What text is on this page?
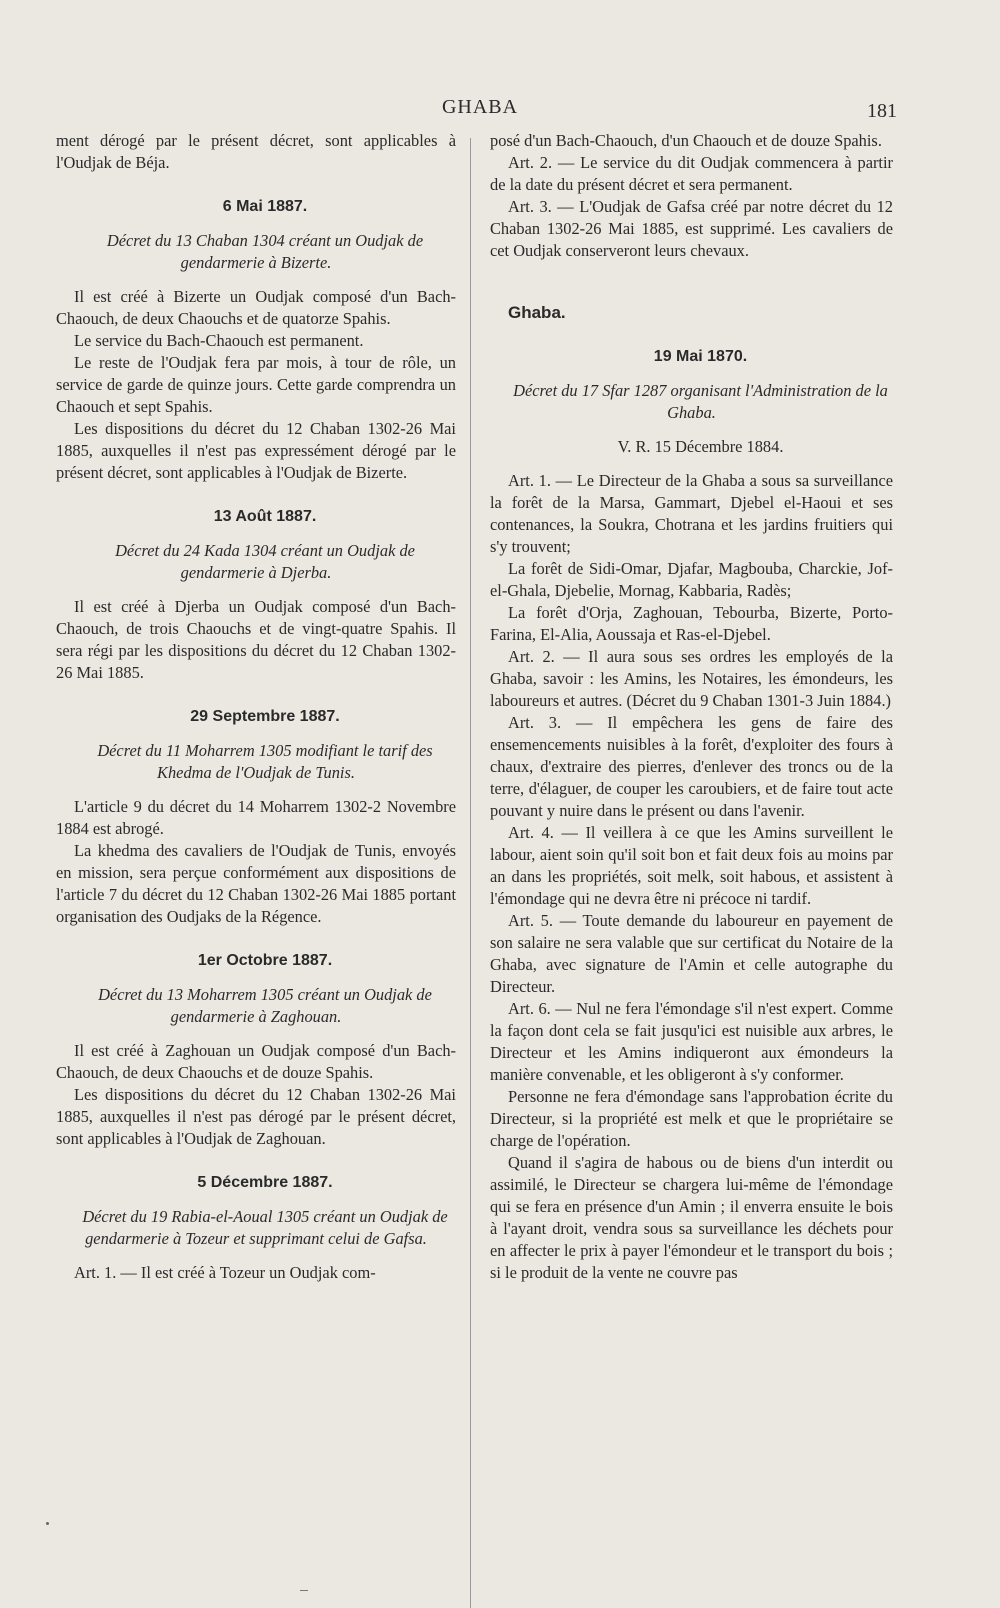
GHABA	181

ment dérogé par le présent décret, sont applicables à l'Oudjak de Béja.

6 Mai 1887.

Décret du 13 Chaban 1304 créant un Oudjak de gendarmerie à Bizerte.

Il est créé à Bizerte un Oudjak composé d'un Bach-Chaouch, de deux Chaouchs et de quatorze Spahis.

Le service du Bach-Chaouch est permanent.

Le reste de l'Oudjak fera par mois, à tour de rôle, un service de garde de quinze jours. Cette garde comprendra un Chaouch et sept Spahis.

Les dispositions du décret du 12 Chaban 1302-26 Mai 1885, auxquelles il n'est pas expressément dérogé par le présent décret, sont applicables à l'Oudjak de Bizerte.

13 Août 1887.

Décret du 24 Kada 1304 créant un Oudjak de gendarmerie à Djerba.

Il est créé à Djerba un Oudjak composé d'un Bach-Chaouch, de trois Chaouchs et de vingt-quatre Spahis. Il sera régi par les dispositions du décret du 12 Chaban 1302-26 Mai 1885.

29 Septembre 1887.

Décret du 11 Moharrem 1305 modifiant le tarif des Khedma de l'Oudjak de Tunis.

L'article 9 du décret du 14 Moharrem 1302-2 Novembre 1884 est abrogé.

La khedma des cavaliers de l'Oudjak de Tunis, envoyés en mission, sera perçue conformément aux dispositions de l'article 7 du décret du 12 Chaban 1302-26 Mai 1885 portant organisation des Oudjaks de la Régence.

1er Octobre 1887.

Décret du 13 Moharrem 1305 créant un Oudjak de gendarmerie à Zaghouan.

Il est créé à Zaghouan un Oudjak composé d'un Bach-Chaouch, de deux Chaouchs et de douze Spahis.

Les dispositions du décret du 12 Chaban 1302-26 Mai 1885, auxquelles il n'est pas dérogé par le présent décret, sont applicables à l'Oudjak de Zaghouan.

5 Décembre 1887.

Décret du 19 Rabia-el-Aoual 1305 créant un Oudjak de gendarmerie à Tozeur et supprimant celui de Gafsa.

Art. 1. — Il est créé à Tozeur un Oudjak com-

posé d'un Bach-Chaouch, d'un Chaouch et de douze Spahis.

Art. 2. — Le service du dit Oudjak commencera à partir de la date du présent décret et sera permanent.

Art. 3. — L'Oudjak de Gafsa créé par notre décret du 12 Chaban 1302-26 Mai 1885, est supprimé. Les cavaliers de cet Oudjak conserveront leurs chevaux.

Ghaba.

19 Mai 1870.

Décret du 17 Sfar 1287 organisant l'Administration de la Ghaba.

V. R. 15 Décembre 1884.

Art. 1. — Le Directeur de la Ghaba a sous sa surveillance la forêt de la Marsa, Gammart, Djebel el-Haoui et ses contenances, la Soukra, Chotrana et les jardins fruitiers qui s'y trouvent;

La forêt de Sidi-Omar, Djafar, Magbouba, Charckie, Jof-el-Ghala, Djebelie, Mornag, Kabbaria, Radès;

La forêt d'Orja, Zaghouan, Tebourba, Bizerte, Porto-Farina, El-Alia, Aoussaja et Ras-el-Djebel.

Art. 2. — Il aura sous ses ordres les employés de la Ghaba, savoir : les Amins, les Notaires, les émondeurs, les laboureurs et autres. (Décret du 9 Chaban 1301-3 Juin 1884.)

Art. 3. — Il empêchera les gens de faire des ensemencements nuisibles à la forêt, d'exploiter des fours à chaux, d'extraire des pierres, d'enlever des troncs ou de la terre, d'élaguer, de couper les caroubiers, et de faire tout acte pouvant y nuire dans le présent ou dans l'avenir.

Art. 4. — Il veillera à ce que les Amins surveillent le labour, aient soin qu'il soit bon et fait deux fois au moins par an dans les propriétés, soit melk, soit habous, et assistent à l'émondage qui ne devra être ni précoce ni tardif.

Art. 5. — Toute demande du laboureur en payement de son salaire ne sera valable que sur certificat du Notaire de la Ghaba, avec signature de l'Amin et celle autographe du Directeur.

Art. 6. — Nul ne fera l'émondage s'il n'est expert. Comme la façon dont cela se fait jusqu'ici est nuisible aux arbres, le Directeur et les Amins indiqueront aux émondeurs la manière convenable, et les obligeront à s'y conformer.

Personne ne fera d'émondage sans l'approbation écrite du Directeur, si la propriété est melk et que le propriétaire se charge de l'opération.

Quand il s'agira de habous ou de biens d'un interdit ou assimilé, le Directeur se chargera lui-même de l'émondage qui se fera en présence d'un Amin ; il enverra ensuite le bois à l'ayant droit, vendra sous sa surveillance les déchets pour en affecter le prix à payer l'émondeur et le transport du bois ; si le produit de la vente ne couvre pas
